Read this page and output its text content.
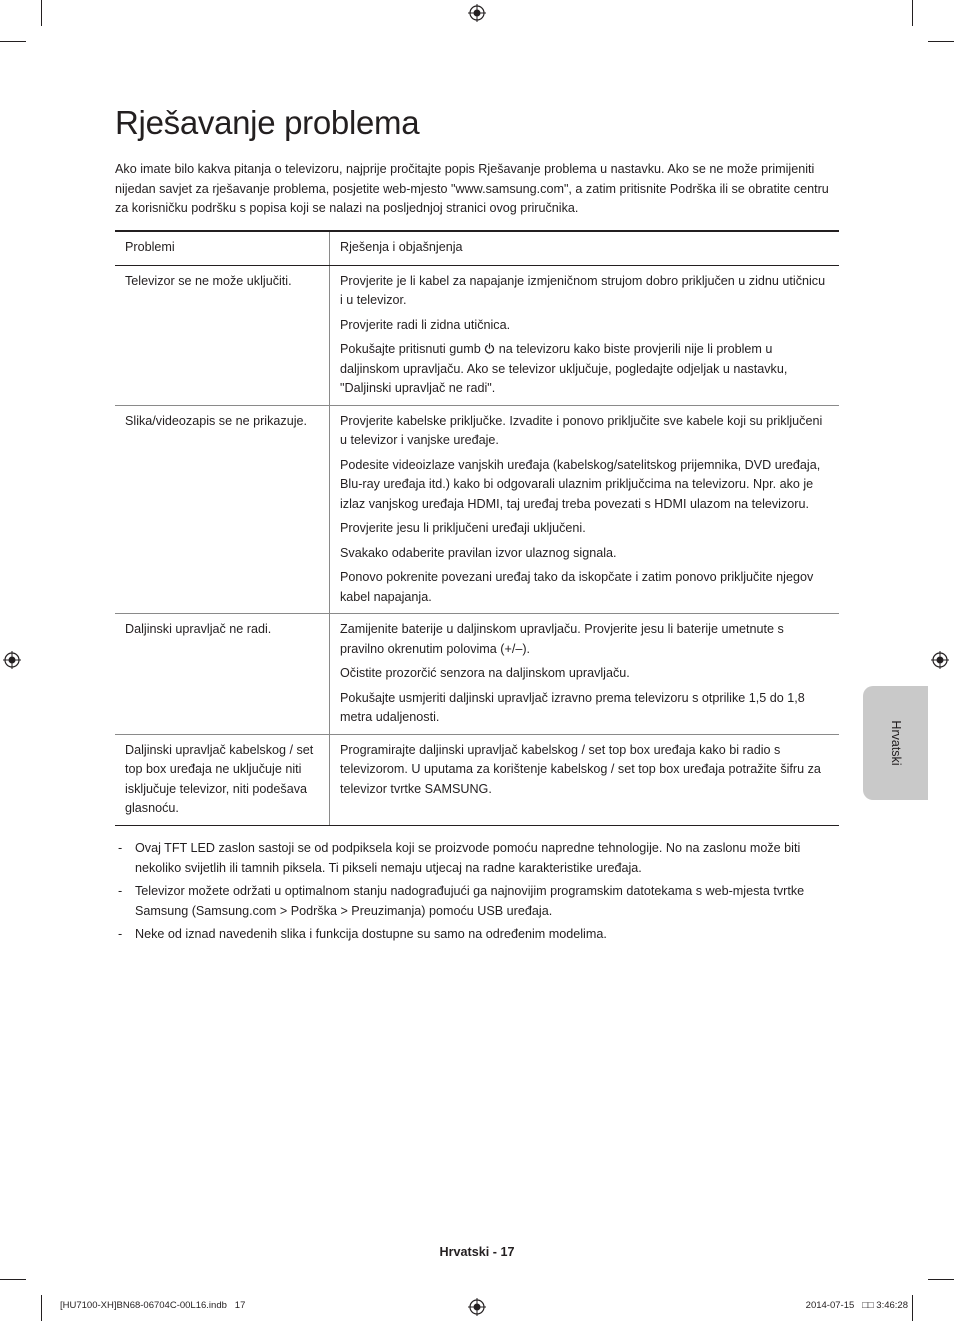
Rješavanje problema
Ako imate bilo kakva pitanja o televizoru, najprije pročitajte popis Rješavanje problema u nastavku. Ako se ne može primijeniti nijedan savjet za rješavanje problema, posjetite web-mjesto "www.samsung.com", a zatim pritisnite Podrška ili se obratite centru za korisničku podršku s popisa koji se nalazi na posljednjoj stranici ovog priručnika.
Problemi	Rješenja i objašnjenja
Televizor se ne može uključiti.	Provjerite je li kabel za napajanje izmjeničnom strujom dobro priključen u zidnu utičnicu i u televizor.

Provjerite radi li zidna utičnica.

Pokušajte pritisnuti gumb na televizoru kako biste provjerili nije li problem u daljinskom upravljaču. Ako se televizor uključuje, pogledajte odjeljak u nastavku, "Daljinski upravljač ne radi".

Slika/videozapis se ne prikazuje.	Provjerite kabelske priključke. Izvadite i ponovo priključite sve kabele koji su priključeni u televizor i vanjske uređaje.

Podesite videoizlaze vanjskih uređaja (kabelskog/satelitskog prijemnika, DVD uređaja, Blu-ray uređaja itd.) kako bi odgovarali ulaznim priključcima na televizoru. Npr. ako je izlaz vanjskog uređaja HDMI, taj uređaj treba povezati s HDMI ulazom na televizoru.

Provjerite jesu li priključeni uređaji uključeni.

Svakako odaberite pravilan izvor ulaznog signala.

Ponovo pokrenite povezani uređaj tako da iskopčate i zatim ponovo priključite njegov kabel napajanja.

Daljinski upravljač ne radi.	Zamijenite baterije u daljinskom upravljaču. Provjerite jesu li baterije umetnute s pravilno okrenutim polovima (+/–).

Očistite prozorčić senzora na daljinskom upravljaču.

Pokušajte usmjeriti daljinski upravljač izravno prema televizoru s otprilike 1,5 do 1,8 metra udaljenosti.

Daljinski upravljač kabelskog / set top box uređaja ne uključuje niti isključuje televizor, niti podešava glasnoću.	Programirajte daljinski upravljač kabelskog / set top box uređaja kako bi radio s televizorom. U uputama za korištenje kabelskog / set top box uređaja potražite šifru za televizor tvrtke SAMSUNG.

- Ovaj TFT LED zaslon sastoji se od podpiksela koji se proizvode pomoću napredne tehnologije. No na zaslonu može biti nekoliko svijetlih ili tamnih piksela. Ti pikseli nemaju utjecaj na radne karakteristike uređaja.
- Televizor možete održati u optimalnom stanju nadograđujući ga najnovijim programskim datotekama s web-mjesta tvrtke Samsung (Samsung.com > Podrška > Preuzimanja) pomoću USB uređaja.
- Neke od iznad navedenih slika i funkcija dostupne su samo na određenim modelima.
Hrvatski
Hrvatski - 17
[HU7100-XH]BN68-06704C-00L16.indb   17	2014-07-15   □□ 3:46:28
